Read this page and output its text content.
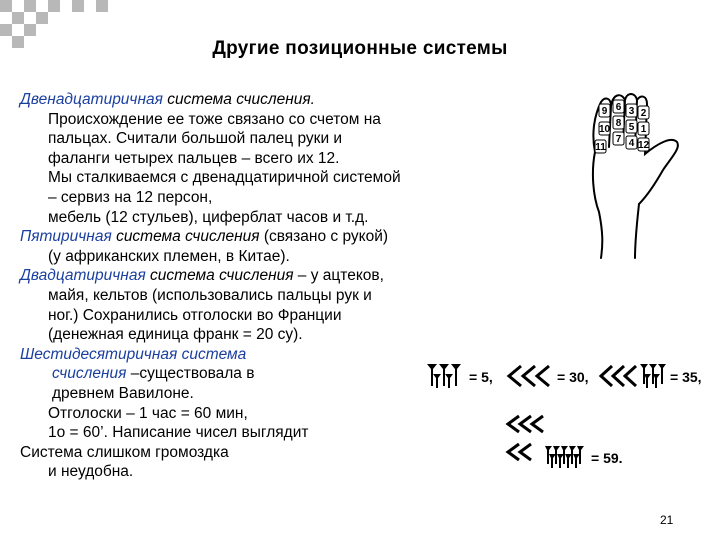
Другие позиционные системы
Двенадцатиричная система счисления.
Происхождение ее тоже связано со счетом на
пальцах. Считали большой палец руки и
фаланги четырех пальцев – всего их 12.
Мы сталкиваемся с двенадцатиричной системой
– сервиз на 12 персон,
мебель (12 стульев), циферблат часов и т.д.
Пятиричная система счисления (связано с рукой)
(у африканских племен, в Китае).
Двадцатиричная система счисления – у ацтеков,
майя, кельтов (использовались пальцы рук и
ног.) Сохранились отголоски во Франции
(денежная единица франк = 20 су).
Шестидесятиричная система
счисления –существовала в
древнем Вавилоне.
Отголоски – 1 час = 60 мин,
1о = 60’. Написание чисел выглядит
Система слишком громоздка
и неудобна.
9 6 3
10
8 5
2
11
7 4
1
12
= 5,	= 30,	= 35,
= 59.
21
